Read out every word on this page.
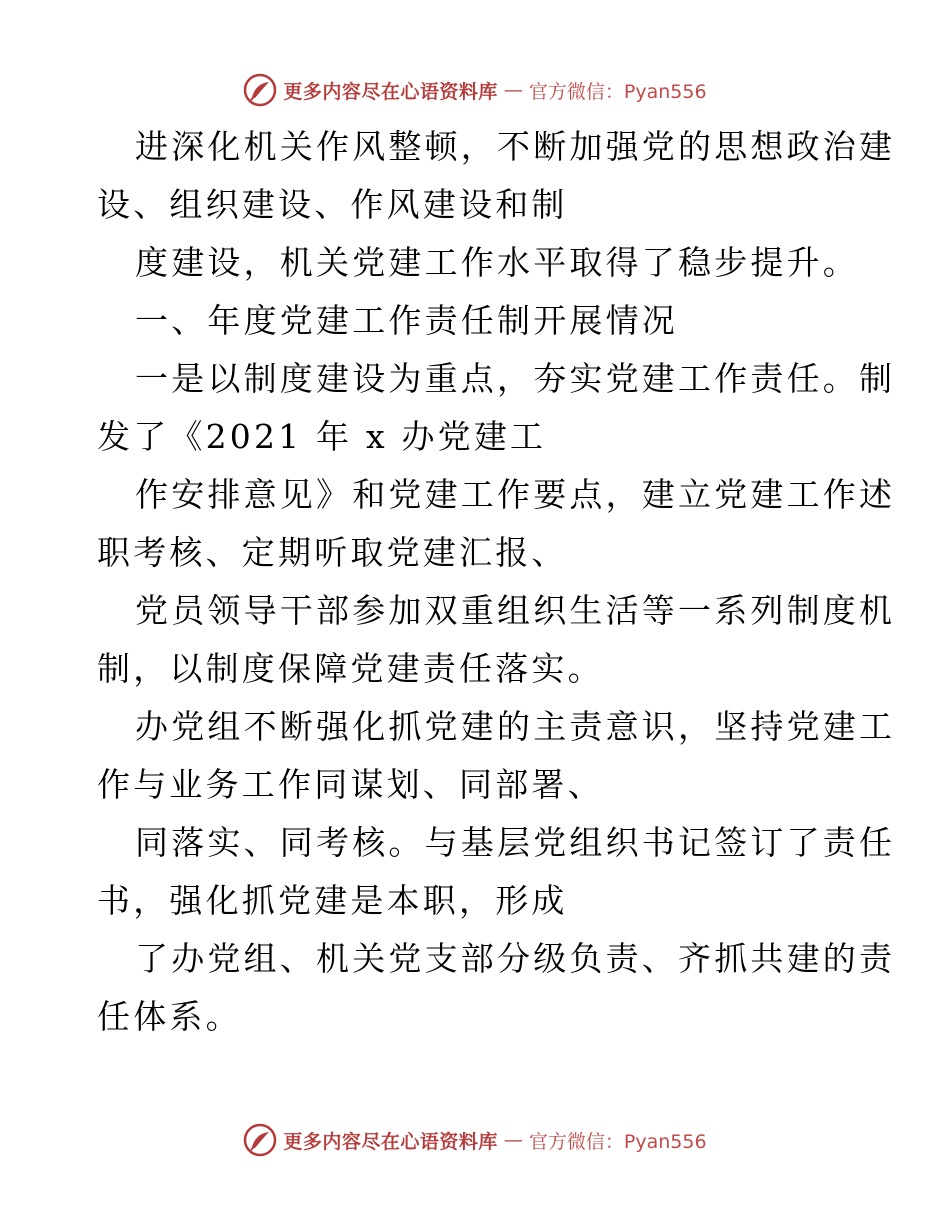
更多内容尽在心语资料库 — 官方微信：Pyan556
进深化机关作风整顿，不断加强党的思想政治建
设、组织建设、作风建设和制
度建设，机关党建工作水平取得了稳步提升。
一、年度党建工作责任制开展情况
一是以制度建设为重点，夯实党建工作责任。制
发了《2021 年 x 办党建工
作安排意见》和党建工作要点，建立党建工作述
职考核、定期听取党建汇报、
党员领导干部参加双重组织生活等一系列制度机
制，以制度保障党建责任落实。
办党组不断强化抓党建的主责意识，坚持党建工
作与业务工作同谋划、同部署、
同落实、同考核。与基层党组织书记签订了责任
书，强化抓党建是本职，形成
了办党组、机关党支部分级负责、齐抓共建的责
任体系。
更多内容尽在心语资料库 — 官方微信：Pyan556
